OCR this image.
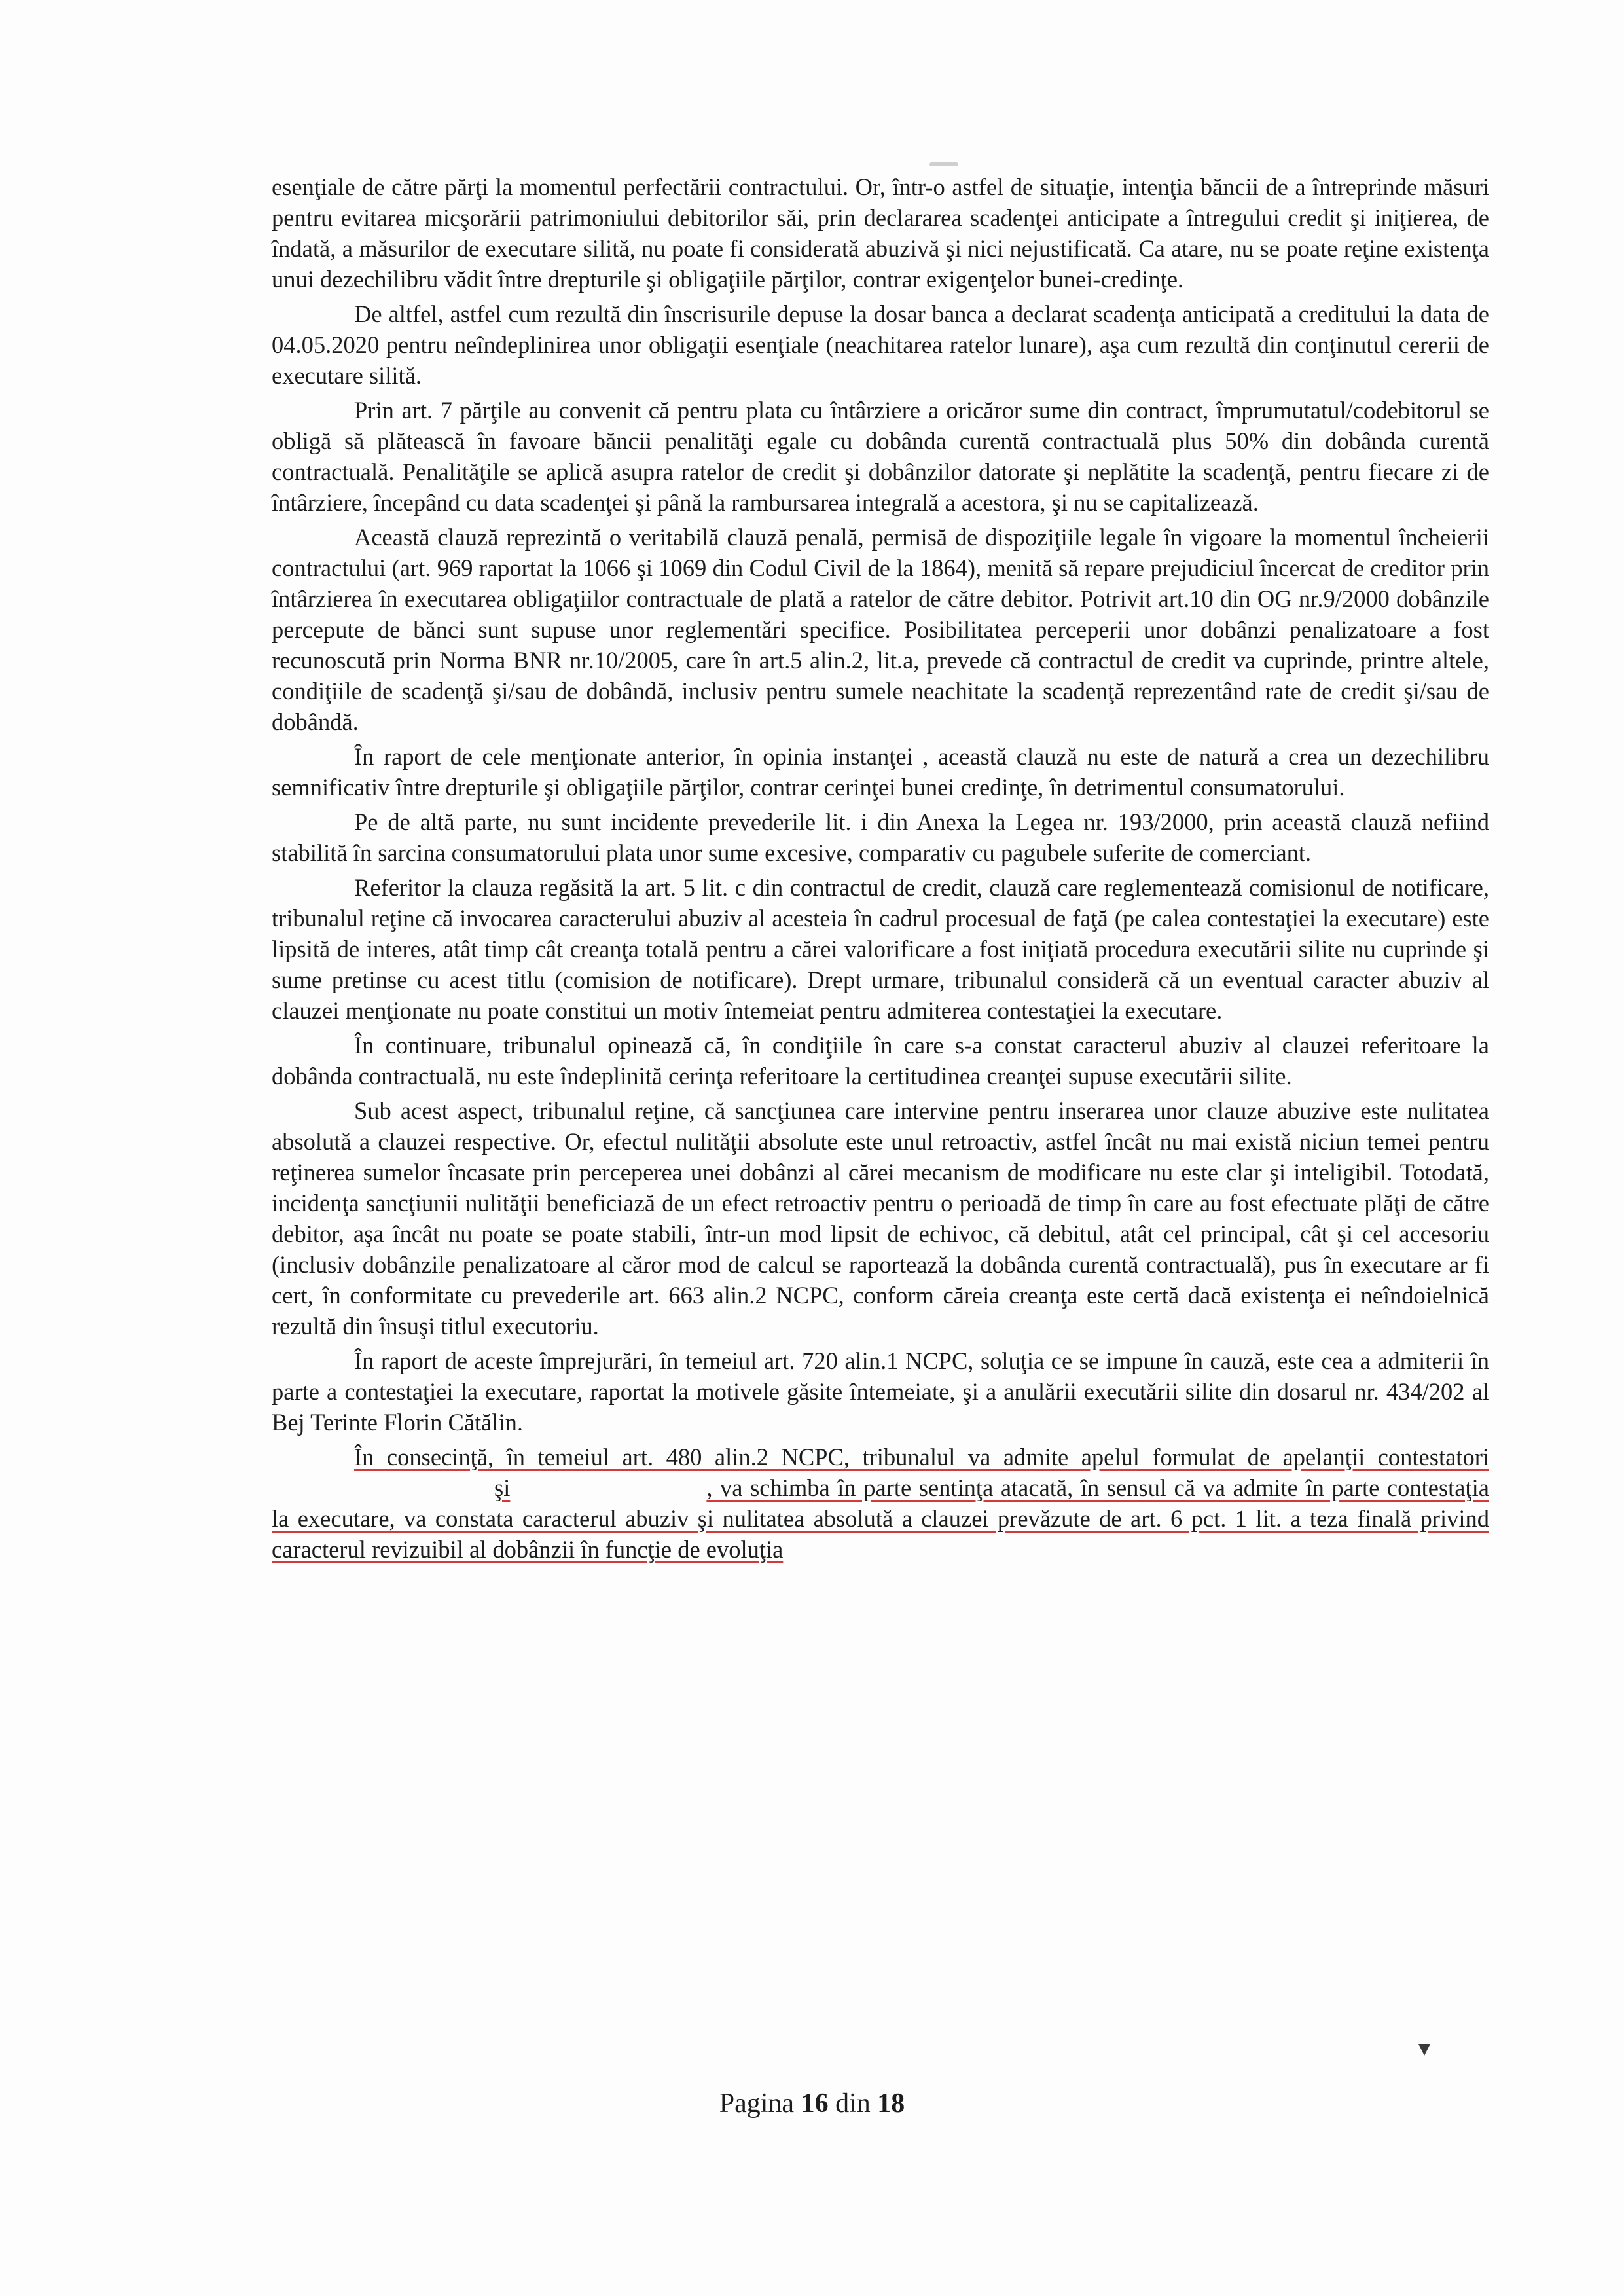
esenţiale de către părţi la momentul perfectării contractului. Or, într-o astfel de situaţie, intenţia băncii de a întreprinde măsuri pentru evitarea micşorării patrimoniului debitorilor săi, prin declararea scadenţei anticipate a întregului credit şi iniţierea, de îndată, a măsurilor de executare silită, nu poate fi considerată abuzivă şi nici nejustificată. Ca atare, nu se poate reţine existenţa unui dezechilibru vădit între drepturile şi obligaţiile părţilor, contrar exigenţelor bunei-credinţe.

De altfel, astfel cum rezultă din înscrisurile depuse la dosar banca a declarat scadenţa anticipată a creditului la data de 04.05.2020 pentru neîndeplinirea unor obligaţii esenţiale (neachitarea ratelor lunare), aşa cum rezultă din conţinutul cererii de executare silită.

Prin art. 7 părţile au convenit că pentru plata cu întârziere a oricăror sume din contract, împrumutatul/codebitorul se obligă să plătească în favoare băncii penalităţi egale cu dobânda curentă contractuală plus 50% din dobânda curentă contractuală. Penalităţile se aplică asupra ratelor de credit şi dobânzilor datorate şi neplătite la scadenţă, pentru fiecare zi de întârziere, începând cu data scadenţei şi până la rambursarea integrală a acestora, şi nu se capitalizează.

Această clauză reprezintă o veritabilă clauză penală, permisă de dispoziţiile legale în vigoare la momentul încheierii contractului (art. 969 raportat la 1066 şi 1069 din Codul Civil de la 1864), menită să repare prejudiciul încercat de creditor prin întârzierea în executarea obligaţiilor contractuale de plată a ratelor de către debitor. Potrivit art.10 din OG nr.9/2000 dobânzile percepute de bănci sunt supuse unor reglementări specifice. Posibilitatea perceperii unor dobânzi penalizatoare a fost recunoscută prin Norma BNR nr.10/2005, care în art.5 alin.2, lit.a, prevede că contractul de credit va cuprinde, printre altele, condiţiile de scadenţă şi/sau de dobândă, inclusiv pentru sumele neachitate la scadenţă reprezentând rate de credit şi/sau de dobândă.

În raport de cele menţionate anterior, în opinia instanţei , această clauză nu este de natură a crea un dezechilibru semnificativ între drepturile şi obligaţiile părţilor, contrar cerinţei bunei credinţe, în detrimentul consumatorului.

Pe de altă parte, nu sunt incidente prevederile lit. i din Anexa la Legea nr. 193/2000, prin această clauză nefiind stabilită în sarcina consumatorului plata unor sume excesive, comparativ cu pagubele suferite de comerciant.

Referitor la clauza regăsită la art. 5 lit. c din contractul de credit, clauză care reglementează comisionul de notificare, tribunalul reţine că invocarea caracterului abuziv al acesteia în cadrul procesual de faţă (pe calea contestaţiei la executare) este lipsită de interes, atât timp cât creanţa totală pentru a cărei valorificare a fost iniţiată procedura executării silite nu cuprinde şi sume pretinse cu acest titlu (comision de notificare). Drept urmare, tribunalul consideră că un eventual caracter abuziv al clauzei menţionate nu poate constitui un motiv întemeiat pentru admiterea contestaţiei la executare.

În continuare, tribunalul opinează că, în condiţiile în care s-a constat caracterul abuziv al clauzei referitoare la dobânda contractuală, nu este îndeplinită cerinţa referitoare la certitudinea creanţei supuse executării silite.

Sub acest aspect, tribunalul reţine, că sancţiunea care intervine pentru inserarea unor clauze abuzive este nulitatea absolută a clauzei respective. Or, efectul nulităţii absolute este unul retroactiv, astfel încât nu mai există niciun temei pentru reţinerea sumelor încasate prin perceperea unei dobânzi al cărei mecanism de modificare nu este clar şi inteligibil. Totodată, incidenţa sancţiunii nulităţii beneficiază de un efect retroactiv pentru o perioadă de timp în care au fost efectuate plăţi de către debitor, aşa încât nu poate se poate stabili, într-un mod lipsit de echivoc, că debitul, atât cel principal, cât şi cel accesoriu (inclusiv dobânzile penalizatoare al căror mod de calcul se raportează la dobânda curentă contractuală), pus în executare ar fi cert, în conformitate cu prevederile art. 663 alin.2 NCPC, conform căreia creanţa este certă dacă existenţa ei neîndoielnică rezultă din însuşi titlul executoriu.

În raport de aceste împrejurări, în temeiul art. 720 alin.1 NCPC, soluţia ce se impune în cauză, este cea a admiterii în parte a contestaţiei la executare, raportat la motivele găsite întemeiate, şi a anulării executării silite din dosarul nr. 434/202 al Bej Terinte Florin Cătălin.

În consecinţă, în temeiul art. 480 alin.2 NCPC, tribunalul va admite apelul formulat de apelanţii contestatorişi	, va schimba în parte sentinţa atacată, în sensul că va admite în parte contestaţia la executare, va constata caracterul abuziv şi nulitatea absolută a clauzei prevăzute de art. 6 pct. 1 lit. a teza finală privind caracterul revizuibil al dobânzii în funcţie de evoluţia

Pagina 16 din 18
